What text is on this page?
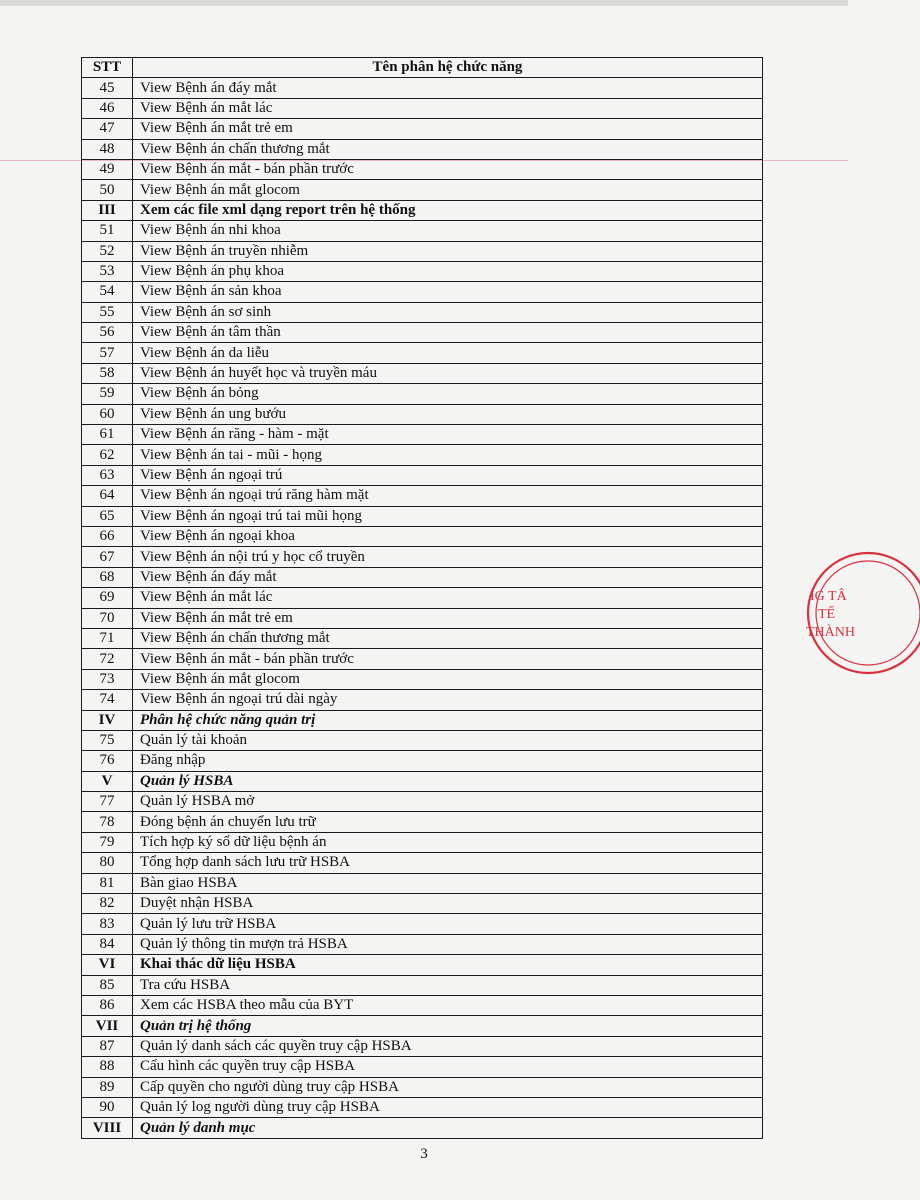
STT	Tên phân hệ chức năng
45	View Bệnh án đáy mắt
46	View Bệnh án mắt lác
47	View Bệnh án mắt trẻ em
48	View Bệnh án chấn thương mắt
49	View Bệnh án mắt - bán phần trước
50	View Bệnh án mắt glocom
III	Xem các file xml dạng report trên hệ thống
51	View Bệnh án nhi khoa
52	View Bệnh án truyền nhiễm
53	View Bệnh án phụ khoa
54	View Bệnh án sản khoa
55	View Bệnh án sơ sinh
56	View Bệnh án tâm thần
57	View Bệnh án da liễu
58	View Bệnh án huyết học và truyền máu
59	View Bệnh án bỏng
60	View Bệnh án ung bướu
61	View Bệnh án răng - hàm - mặt
62	View Bệnh án tai - mũi - họng
63	View Bệnh án ngoại trú
64	View Bệnh án ngoại trú răng hàm mặt
65	View Bệnh án ngoại trú tai mũi họng
66	View Bệnh án ngoại khoa
67	View Bệnh án nội trú y học cổ truyền
68	View Bệnh án đáy mắt
69	View Bệnh án mắt lác
70	View Bệnh án mắt trẻ em
71	View Bệnh án chấn thương mắt
72	View Bệnh án mắt - bán phần trước
73	View Bệnh án mắt glocom
74	View Bệnh án ngoại trú dài ngày
IV	Phân hệ chức năng quản trị
75	Quản lý tài khoản
76	Đăng nhập
V	Quản lý HSBA
77	Quản lý HSBA mở
78	Đóng bệnh án chuyển lưu trữ
79	Tích hợp ký số dữ liệu bệnh án
80	Tổng hợp danh sách lưu trữ HSBA
81	Bàn giao HSBA
82	Duyệt nhận HSBA
83	Quản lý lưu trữ HSBA
84	Quản lý thông tin mượn trả HSBA
VI	Khai thác dữ liệu HSBA
85	Tra cứu HSBA
86	Xem các HSBA theo mẫu của BYT
VII	Quản trị hệ thống
87	Quản lý danh sách các quyền truy cập HSBA
88	Cấu hình các quyền truy cập HSBA
89	Cấp quyền cho người dùng truy cập HSBA
90	Quản lý log người dùng truy cập HSBA
VIII	Quản lý danh mục
3
IG TÂ
TẾ
THÀNH
